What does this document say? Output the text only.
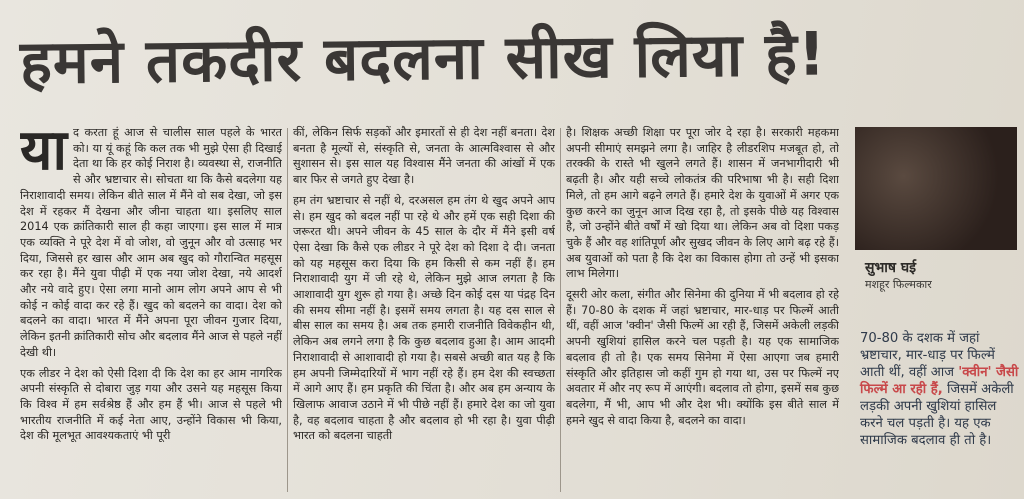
हमने तकदीर बदलना सीख लिया है!
या द करता हूं आज से चालीस साल पहले के भारत को। या यूं कहूं कि कल तक भी मुझे ऐसा ही दिखाई देता था कि हर कोई निराश है। व्यवस्था से, राजनीति से और भ्रष्टाचार से। सोचता था कि कैसे बदलेगा यह निराशावादी समय। लेकिन बीते साल में मैंने वो सब देखा, जो इस देश में रहकर मैं देखना और जीना चाहता था। इसलिए साल 2014 एक क्रांतिकारी साल ही कहा जाएगा। इस साल में मात्र एक व्यक्ति ने पूरे देश में वो जोश, वो जुनून और वो उत्साह भर दिया, जिससे हर खास और आम अब खुद को गौरान्वित महसूस कर रहा है। मैंने युवा पीढ़ी में एक नया जोश देखा, नये आदर्श और नये वादे हुए। ऐसा लगा मानो आम लोग अपने आप से भी कोई न कोई वादा कर रहे हैं। खुद को बदलने का वादा। देश को बदलने का वादा। भारत में मैंने अपना पूरा जीवन गुजार दिया, लेकिन इतनी क्रांतिकारी सोच और बदलाव मैंने आज से पहले नहीं देखी थी।

एक लीडर ने देश को ऐसी दिशा दी कि देश का हर आम नागरिक अपनी संस्कृति से दोबारा जुड़ गया और उसने यह महसूस किया कि विश्व में हम सर्वश्रेष्ठ हैं और हम हैं भी। आज से पहले भी भारतीय राजनीति में कई नेता आए, उन्होंने विकास भी किया, देश की मूलभूत आवश्यकताएं भी पूरी

कीं, लेकिन सिर्फ सड़कों और इमारतों से ही देश नहीं बनता। देश बनता है मूल्यों से, संस्कृति से, जनता के आत्मविश्वास से और सुशासन से। इस साल यह विश्वास मैंने जनता की आंखों में एक बार फिर से जगते हुए देखा है।

हम तंग भ्रष्टाचार से नहीं थे, दरअसल हम तंग थे खुद अपने आप से। हम खुद को बदल नहीं पा रहे थे और हमें एक सही दिशा की जरूरत थी। अपने जीवन के 45 साल के दौर में मैंने इसी वर्ष ऐसा देखा कि कैसे एक लीडर ने पूरे देश को दिशा दे दी। जनता को यह महसूस करा दिया कि हम किसी से कम नहीं हैं। हम निराशावादी युग में जी रहे थे, लेकिन मुझे आज लगता है कि आशावादी युग शुरू हो गया है। अच्छे दिन कोई दस या पंद्रह दिन की समय सीमा नहीं है। इसमें समय लगता है। यह दस साल से बीस साल का समय है। अब तक हमारी राजनीति विवेकहीन थी, लेकिन अब लगने लगा है कि कुछ बदलाव हुआ है। आम आदमी निराशावादी से आशावादी हो गया है। सबसे अच्छी बात यह है कि हम अपनी जिम्मेदारियों में भाग नहीं रहे हैं। हम देश की स्वच्छता में आगे आए हैं। हम प्रकृति की चिंता है। और अब हम अन्याय के खिलाफ आवाज उठाने में भी पीछे नहीं हैं। हमारे देश का जो युवा है, वह बदलाव चाहता है और बदलाव हो भी रहा है। युवा पीढ़ी भारत को बदलना चाहती

है। शिक्षक अच्छी शिक्षा पर पूरा जोर दे रहा है। सरकारी महकमा अपनी सीमाएं समझने लगा है। जाहिर है लीडरशिप मजबूत हो, तो तरक्की के रास्ते भी खुलने लगते हैं। शासन में जनभागीदारी भी बढ़ती है। और यही सच्चे लोकतंत्र की परिभाषा भी है। सही दिशा मिले, तो हम आगे बढ़ने लगते हैं। हमारे देश के युवाओं में अगर एक कुछ करने का जुनून आज दिख रहा है, तो इसके पीछे यह विश्वास है, जो उन्होंने बीते वर्षों में खो दिया था। लेकिन अब वो दिशा पकड़ चुके हैं और वह शांतिपूर्ण और सुखद जीवन के लिए आगे बढ़ रहे हैं। अब युवाओं को पता है कि देश का विकास होगा तो उन्हें भी इसका लाभ मिलेगा।

दूसरी ओर कला, संगीत और सिनेमा की दुनिया में भी बदलाव हो रहे हैं। 70-80 के दशक में जहां भ्रष्टाचार, मार-धाड़ पर फिल्में आती थीं, वहीं आज 'क्वीन' जैसी फिल्में आ रही हैं, जिसमें अकेली लड़की अपनी खुशियां हासिल करने चल पड़ती है। यह एक सामाजिक बदलाव ही तो है। एक समय सिनेमा में ऐसा आएगा जब हमारी संस्कृति और इतिहास जो कहीं गुम हो गया था, उस पर फिल्में नए अवतार में और नए रूप में आएंगी। बदलाव तो होगा, इसमें सब कुछ बदलेगा, मैं भी, आप भी और देश भी। क्योंकि इस बीते साल में हमने खुद से वादा किया है, बदलने का वादा।

सुभाष घई
मशहूर फिल्मकार
70-80 के दशक में जहां भ्रष्टाचार, मार-धाड़ पर फिल्में आती थीं, वहीं आज 'क्वीन' जैसी फिल्में आ रही हैं, जिसमें अकेली लड़की अपनी खुशियां हासिल करने चल पड़ती है। यह एक सामाजिक बदलाव ही तो है।
